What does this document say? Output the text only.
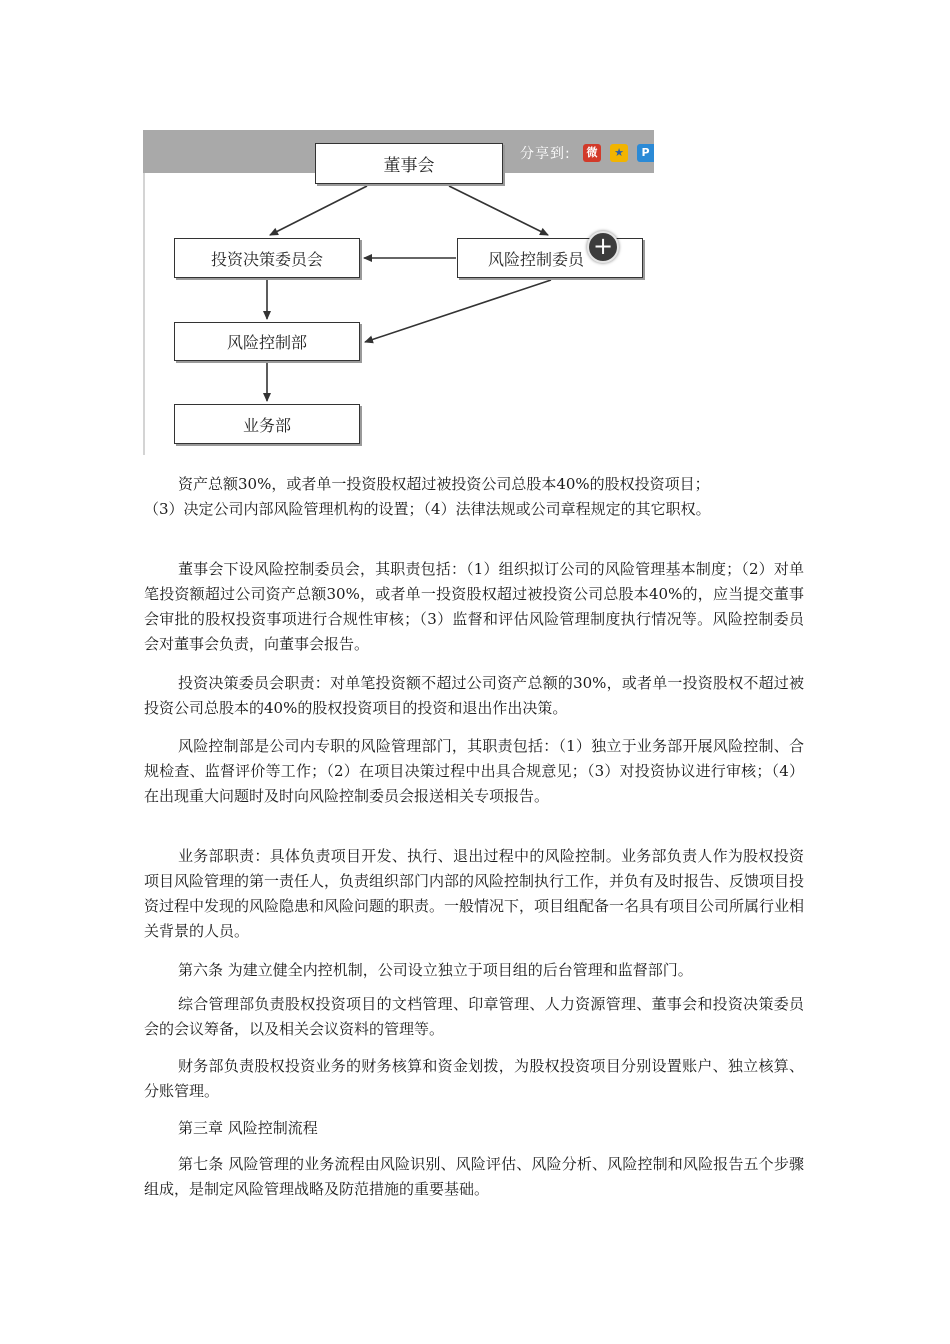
董事会
投资决策委员会	风险控制委员
风险控制部
业务部
分享到:	微	★	P
+

资产总额30%，或者单一投资股权超过被投资公司总股本40%的股权投资项目；

（3）决定公司内部风险管理机构的设置；（4）法律法规或公司章程规定的其它职权。

董事会下设风险控制委员会，其职责包括：（1）组织拟订公司的风险管理基本制度；（2）对单笔投资额超过公司资产总额30%，或者单一投资股权超过被投资公司总股本40%的，应当提交董事会审批的股权投资事项进行合规性审核；（3）监督和评估风险管理制度执行情况等。风险控制委员会对董事会负责，向董事会报告。

投资决策委员会职责：对单笔投资额不超过公司资产总额的30%，或者单一投资股权不超过被投资公司总股本的40%的股权投资项目的投资和退出作出决策。

风险控制部是公司内专职的风险管理部门，其职责包括：（1）独立于业务部开展风险控制、合规检查、监督评价等工作；（2）在项目决策过程中出具合规意见；（3）对投资协议进行审核；（4）在出现重大问题时及时向风险控制委员会报送相关专项报告。

业务部职责：具体负责项目开发、执行、退出过程中的风险控制。业务部负责人作为股权投资项目风险管理的第一责任人，负责组织部门内部的风险控制执行工作，并负有及时报告、反馈项目投资过程中发现的风险隐患和风险问题的职责。一般情况下，项目组配备一名具有项目公司所属行业相关背景的人员。

第六条 为建立健全内控机制，公司设立独立于项目组的后台管理和监督部门。

综合管理部负责股权投资项目的文档管理、印章管理、人力资源管理、董事会和投资决策委员会的会议筹备，以及相关会议资料的管理等。

财务部负责股权投资业务的财务核算和资金划拨，为股权投资项目分别设置账户、独立核算、分账管理。

第三章 风险控制流程

第七条 风险管理的业务流程由风险识别、风险评估、风险分析、风险控制和风险报告五个步骤组成，是制定风险管理战略及防范措施的重要基础。
